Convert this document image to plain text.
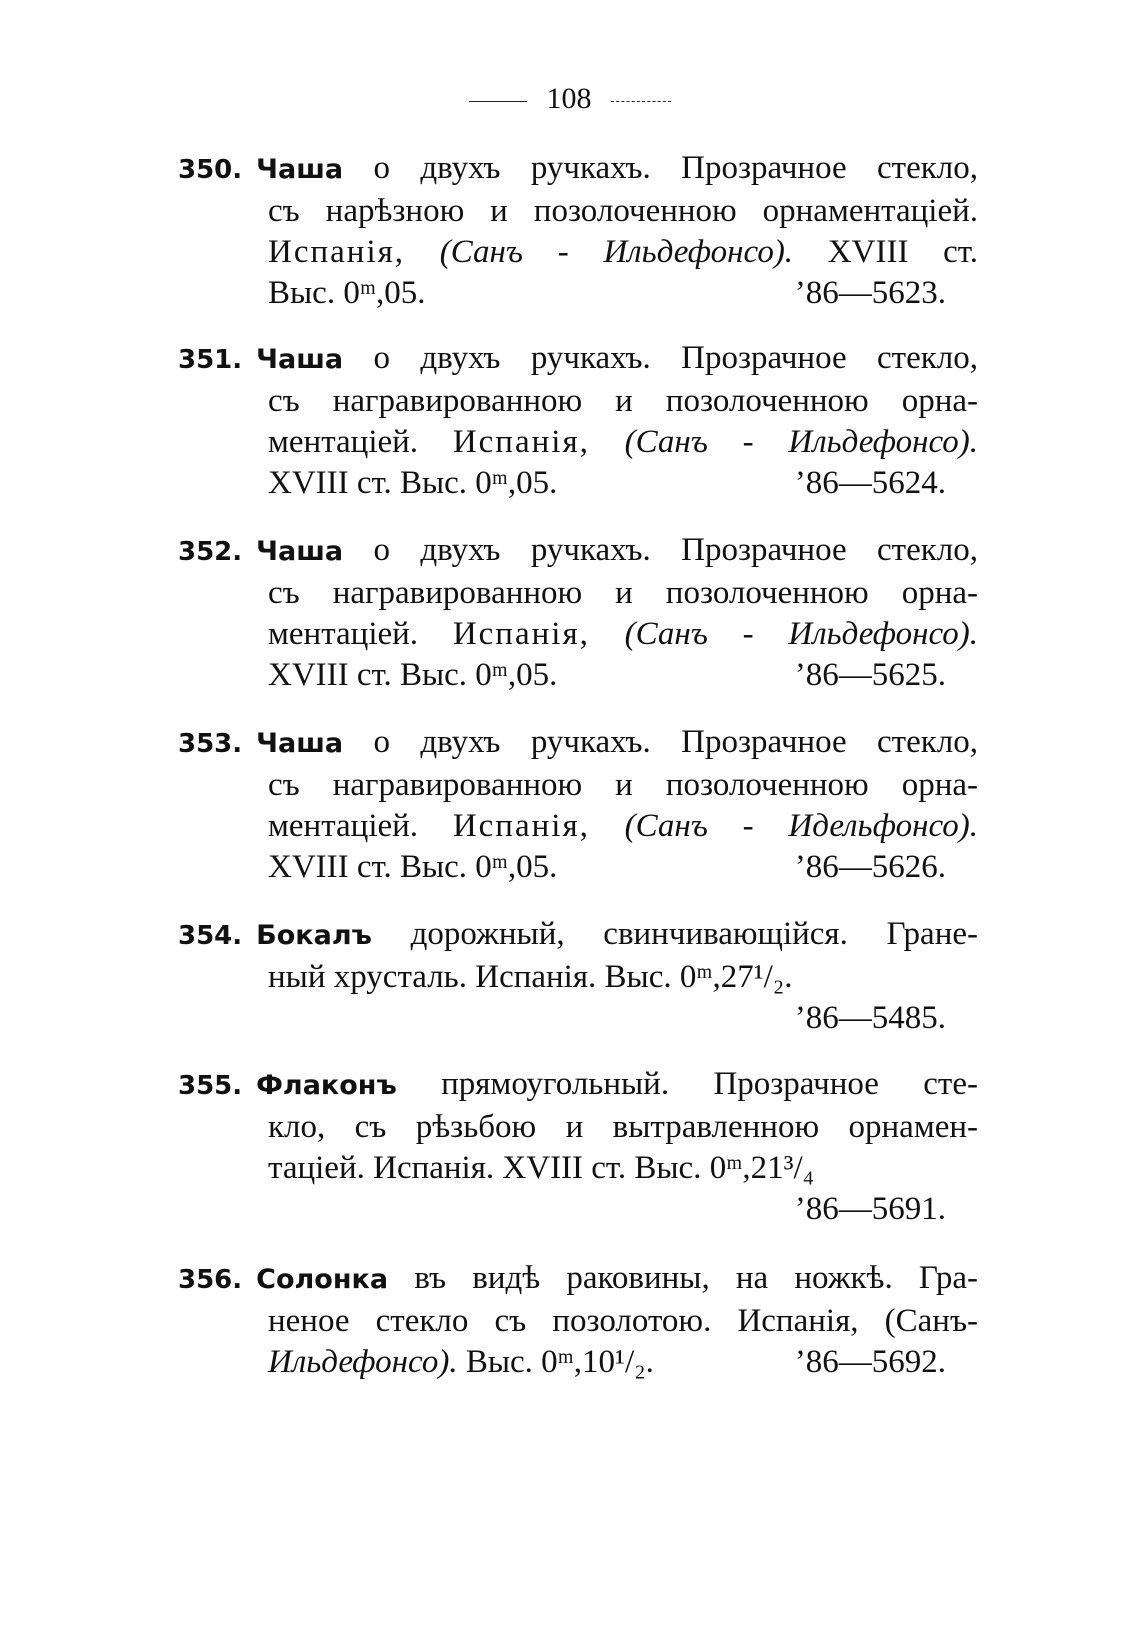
108
350. Чаша о двухъ ручкахъ. Прозрачное стекло,
съ нарѣзною и позолоченною орнаментаціей.
Испанія, (Санъ - Ильдефонсо). XVIII ст.
Выс. 0ᵐ,05.	’86—5623.
351. Чаша о двухъ ручкахъ. Прозрачное стекло,
съ награвированною и позолоченною орна-
ментаціей. Испанія, (Санъ - Ильдефонсо).
XVIII ст. Выс. 0ᵐ,05.	’86—5624.
352. Чаша о двухъ ручкахъ. Прозрачное стекло,
съ награвированною и позолоченною орна-
ментаціей. Испанія, (Санъ - Ильдефонсо).
XVIII ст. Выс. 0ᵐ,05.	’86—5625.
353. Чаша о двухъ ручкахъ. Прозрачное стекло,
съ награвированною и позолоченною орна-
ментаціей. Испанія, (Санъ - Идельфонсо).
XVIII ст. Выс. 0ᵐ,05.	’86—5626.
354. Бокалъ дорожный, свинчивающійся. Гране-
ный хрусталь. Испанія. Выс. 0ᵐ,27¹/₂.
’86—5485.
355. Флаконъ прямоугольный. Прозрачное сте-
кло, съ рѣзьбою и вытравленною орнамен-
таціей. Испанія. XVIII ст. Выс. 0ᵐ,21³/₄
’86—5691.
356. Солонка въ видѣ раковины, на ножкѣ. Гра-
неное стекло съ позолотою. Испанія, (Санъ-
Ильдефонсо). Выс. 0ᵐ,10¹/₂.	’86—5692.
